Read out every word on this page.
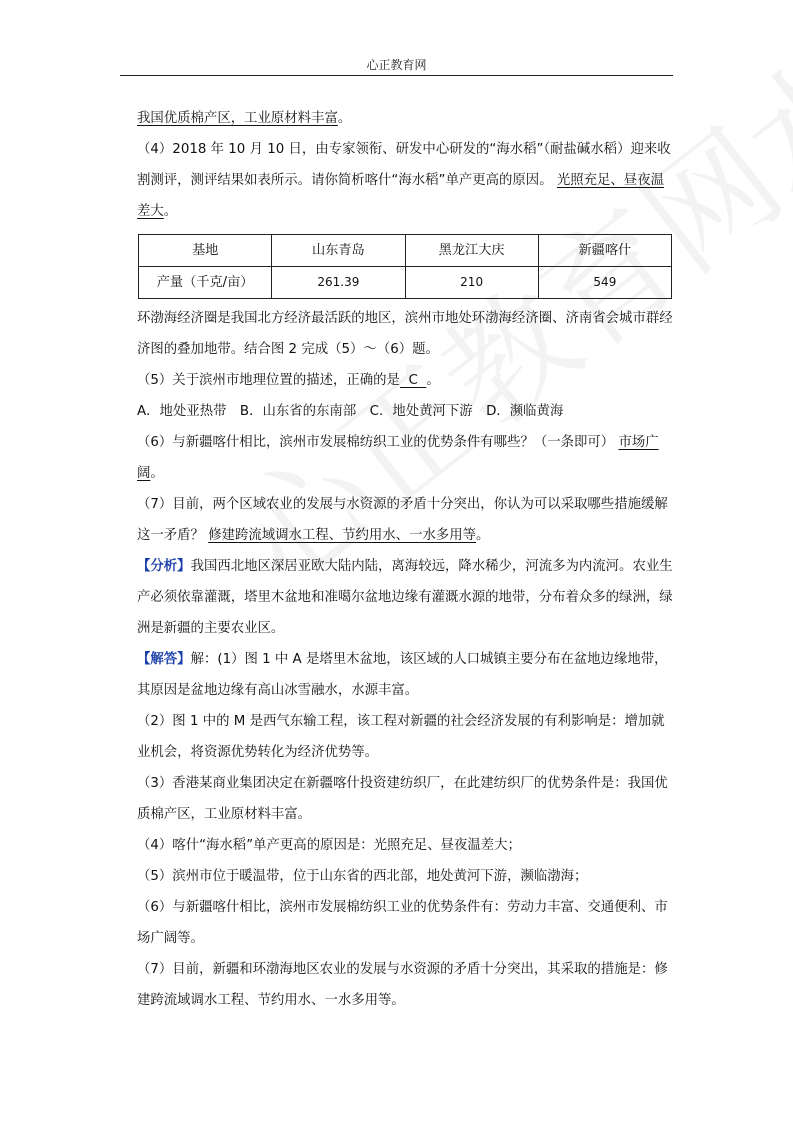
心正教育网

我国优质棉产区，工业原材料丰富。

（4）2018 年 10 月 10 日，由专家领衔、研发中心研发的“海水稻”（耐盐碱水稻）迎来收割测评，测评结果如表所示。请你简析喀什“海水稻”单产更高的原因。 光照充足、昼夜温差大。

基地	山东青岛	黑龙江大庆	新疆喀什
产量（千克/亩）	261.39	210	549

环渤海经济圈是我国北方经济最活跃的地区，滨州市地处环渤海经济圈、济南省会城市群经济图的叠加地带。结合图 2 完成（5）～（6）题。

（5）关于滨州市地理位置的描述，正确的是 C 。

A．地处亚热带　B．山东省的东南部　C．地处黄河下游　D．濒临黄海

（6）与新疆喀什相比，滨州市发展棉纺织工业的优势条件有哪些？（一条即可） 市场广阔。

（7）目前，两个区域农业的发展与水资源的矛盾十分突出，你认为可以采取哪些措施缓解这一矛盾？ 修建跨流域调水工程、节约用水、一水多用等。

【分析】我国西北地区深居亚欧大陆内陆，离海较远，降水稀少，河流多为内流河。农业生产必须依靠灌溉，塔里木盆地和准噶尔盆地边缘有灌溉水源的地带，分布着众多的绿洲，绿洲是新疆的主要农业区。

【解答】解：(1）图 1 中 A 是塔里木盆地，该区域的人口城镇主要分布在盆地边缘地带，其原因是盆地边缘有高山冰雪融水，水源丰富。

（2）图 1 中的 M 是西气东输工程，该工程对新疆的社会经济发展的有利影响是：增加就业机会，将资源优势转化为经济优势等。

（3）香港某商业集团决定在新疆喀什投资建纺织厂，在此建纺织厂的优势条件是：我国优质棉产区，工业原材料丰富。

（4）喀什“海水稻”单产更高的原因是：光照充足、昼夜温差大；

（5）滨州市位于暖温带，位于山东省的西北部，地处黄河下游，濒临渤海；

（6）与新疆喀什相比，滨州市发展棉纺织工业的优势条件有：劳动力丰富、交通便利、市场广阔等。

（7）目前，新疆和环渤海地区农业的发展与水资源的矛盾十分突出，其采取的措施是：修建跨流域调水工程、节约用水、一水多用等。
